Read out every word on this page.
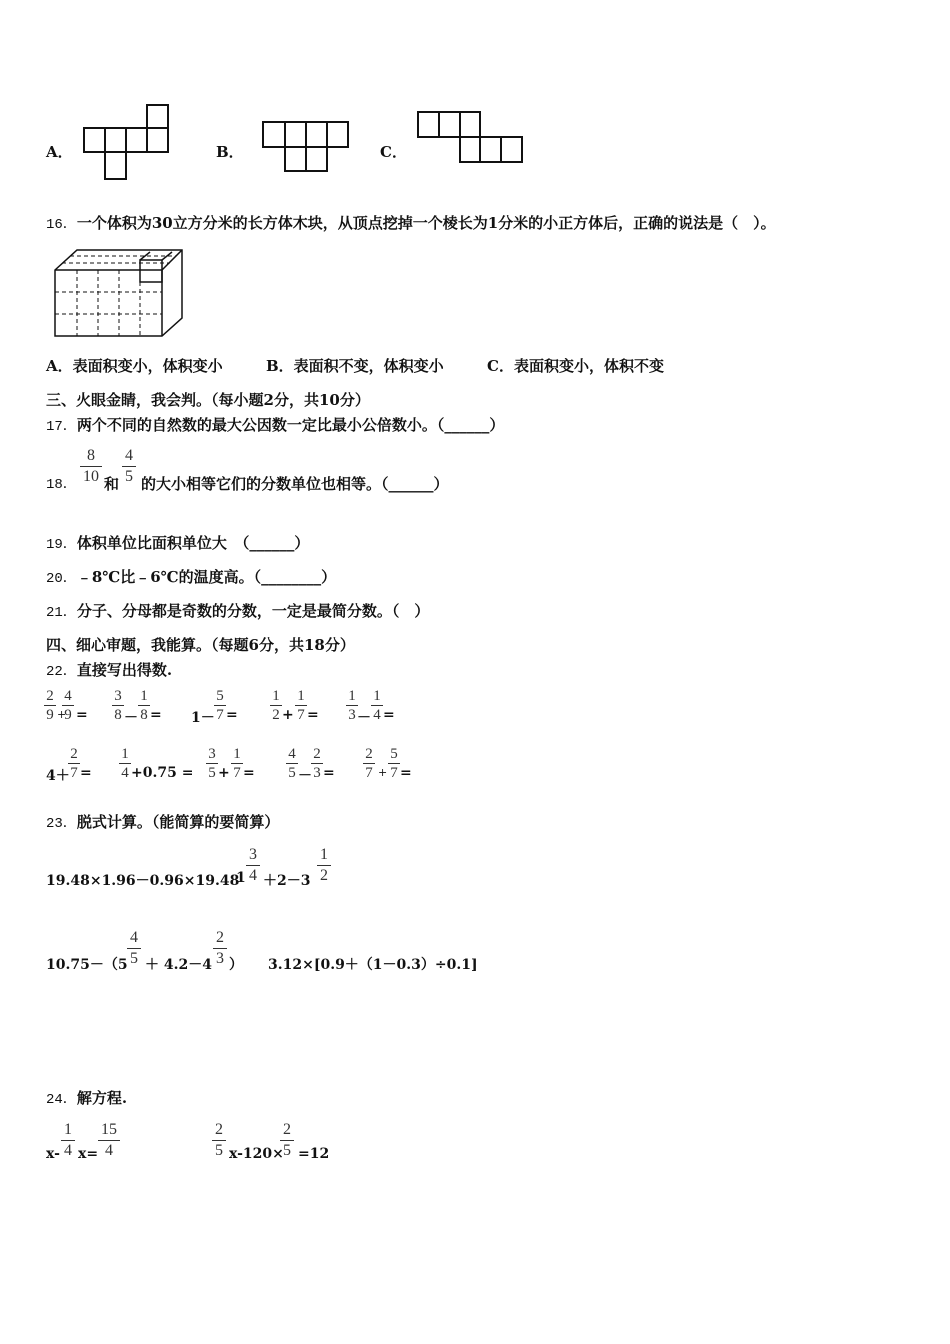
A．	B．	C．
16．一个体积为30立方分米的长方体木块，从顶点挖掉一个棱长为1分米的小正方体后，正确的说法是（　）。
A．表面积变小，体积变小	B．表面积不变，体积变小	C．表面积变小，体积不变
三、火眼金睛，我会判。（每小题2分，共10分）
17．两个不同的自然数的最大公因数一定比最小公倍数小。（______）
18．
8
10 和
4
5 的大小相等它们的分数单位也相等。（______）
19．体积单位比面积单位大　（______）
20．﹣8℃比﹣6℃的温度高。（________）
21．分子、分母都是奇数的分数，一定是最简分数。（　）
四、细心审题，我能算。（每题6分，共18分）
22．直接写出得数.
2
9 +
4
9 =
3
8 －
1
8 = 1－
5
7 =
1
2 +
1
7 =
1
3 －
1
4 =
4＋
2
7 =
1
4 +0.75 =
3
5 +
1
7 =
4
5 －
2
3 =
2
7 +
5
7 =
23．脱式计算。（能简算的要简算）
19.48×1.96－0.96×19.48
1
3
4 ＋2－3
1
2
10.75－（5
4
5 ＋ 4.2－4
2
3 ） 3.12×[0.9＋（1－0.3）÷0.1]
24．解方程.
x-
1
4 x=
15
4
2
5 x-120×
2
5 =12
